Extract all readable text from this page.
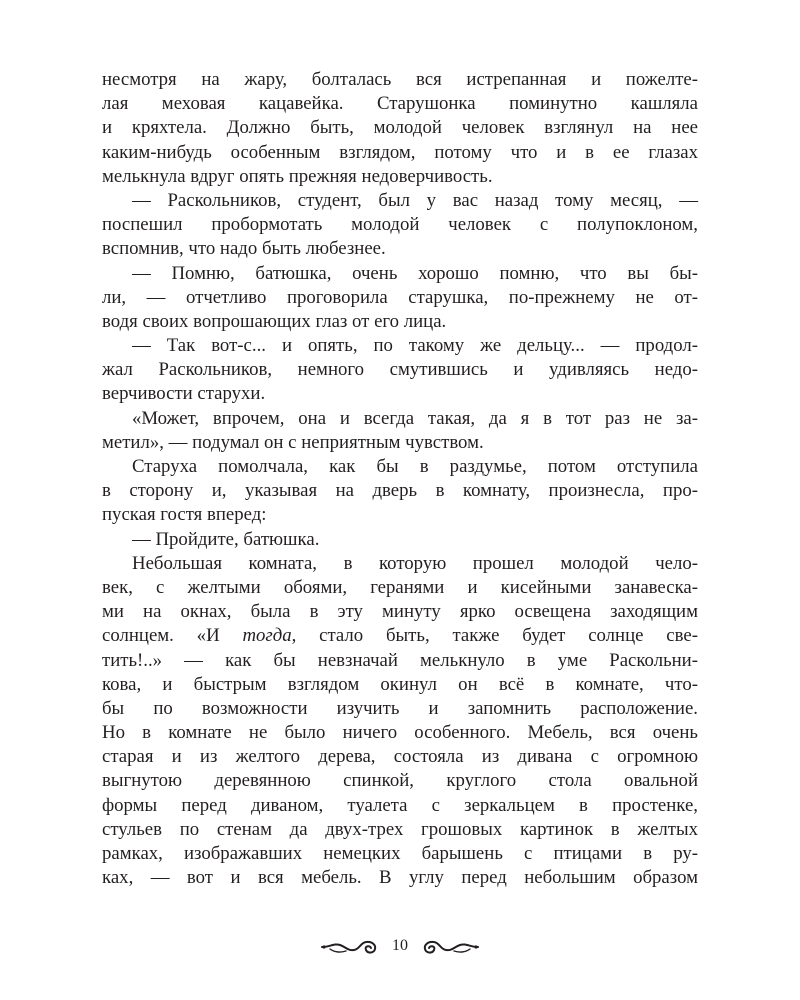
несмотря на жару, болталась вся истрепанная и пожелте-
лая меховая кацавейка. Старушонка поминутно кашляла
и кряхтела. Должно быть, молодой человек взглянул на нее
каким-нибудь особенным взглядом, потому что и в ее глазах
мелькнула вдруг опять прежняя недоверчивость.
— Раскольников, студент, был у вас назад тому месяц, —
поспешил пробормотать молодой человек с полупоклоном,
вспомнив, что надо быть любезнее.
— Помню, батюшка, очень хорошо помню, что вы бы-
ли, — отчетливо проговорила старушка, по-прежнему не от-
водя своих вопрошающих глаз от его лица.
— Так вот-с... и опять, по такому же дельцу... — продол-
жал Раскольников, немного смутившись и удивляясь недо-
верчивости старухи.
«Может, впрочем, она и всегда такая, да я в тот раз не за-
метил», — подумал он с неприятным чувством.
Старуха помолчала, как бы в раздумье, потом отступила
в сторону и, указывая на дверь в комнату, произнесла, про-
пуская гостя вперед:
— Пройдите, батюшка.
Небольшая комната, в которую прошел молодой чело-
век, с желтыми обоями, геранями и кисейными занавеска-
ми на окнах, была в эту минуту ярко освещена заходящим
солнцем. «И тогда, стало быть, также будет солнце све-
тить!..» — как бы невзначай мелькнуло в уме Раскольни-
кова, и быстрым взглядом окинул он всё в комнате, что-
бы по возможности изучить и запомнить расположение.
Но в комнате не было ничего особенного. Мебель, вся очень
старая и из желтого дерева, состояла из дивана с огромною
выгнутою деревянною спинкой, круглого стола овальной
формы перед диваном, туалета с зеркальцем в простенке,
стульев по стенам да двух-трех грошовых картинок в желтых
рамках, изображавших немецких барышень с птицами в ру-
ках, — вот и вся мебель. В углу перед небольшим образом
10
